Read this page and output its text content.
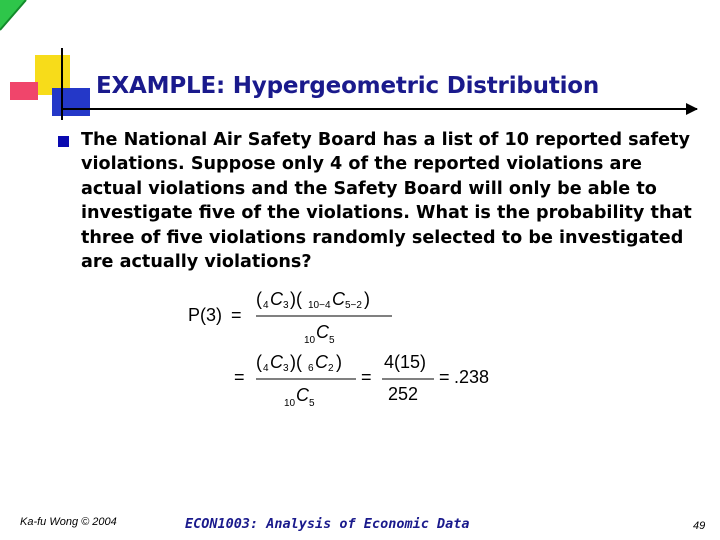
EXAMPLE: Hypergeometric Distribution
The National Air Safety Board has a list of 10 reported safety violations. Suppose only 4 of the reported violations are actual violations and the Safety Board will only be able to investigate five of the violations. What is the probability that three of five violations randomly selected to be investigated are actually violations?
P(3) =
( 4 C 3 )( 10−4 C 5−2 )
10 C 5
=
( 4 C 3 )( 6 C 2 )
10 C 5
=
4(15)
252
= .238
Ka-fu Wong © 2004	ECON1003: Analysis of Economic Data	49
